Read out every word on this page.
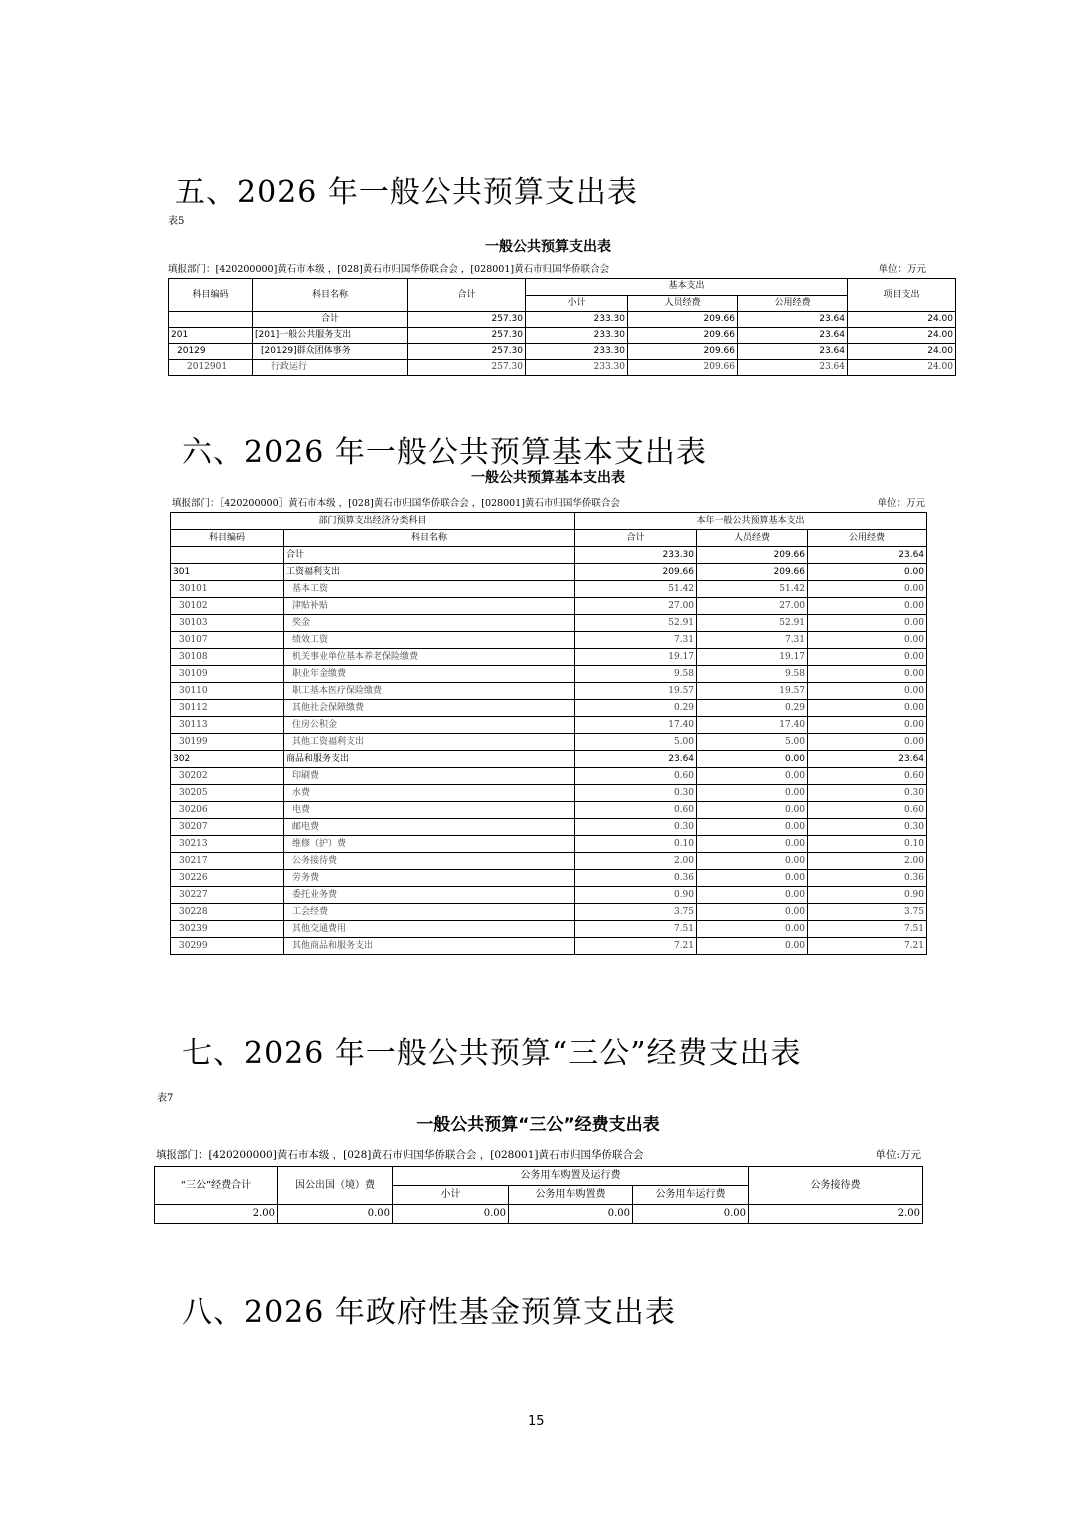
五、2026 年一般公共预算支出表
表5
一般公共预算支出表
填报部门：[420200000]黄石市本级 ，[028]黄石市归国华侨联合会 ，[028001]黄石市归国华侨联合会	单位：万元
科目编码	科目名称	合计	基本支出			项目支出
			小计	人员经费	公用经费	
	合计	257.30	233.30	209.66	23.64	24.00
201	[201]一般公共服务支出	257.30	233.30	209.66	23.64	24.00
20129	[20129]群众团体事务	257.30	233.30	209.66	23.64	24.00
2012901	行政运行	257.30	233.30	209.66	23.64	24.00
六、2026 年一般公共预算基本支出表
一般公共预算基本支出表
填报部门：［420200000］黄石市本级 ，[028]黄石市归国华侨联合会 ，[028001]黄石市归国华侨联合会	单位：万元
部门预算支出经济分类科目		本年一般公共预算基本支出		
科目编码	科目名称	合计	人员经费	公用经费
	合计	233.30	209.66	23.64
301	工资福利支出	209.66	209.66	0.00
30101	基本工资	51.42	51.42	0.00
30102	津贴补贴	27.00	27.00	0.00
30103	奖金	52.91	52.91	0.00
30107	绩效工资	7.31	7.31	0.00
30108	机关事业单位基本养老保险缴费	19.17	19.17	0.00
30109	职业年金缴费	9.58	9.58	0.00
30110	职工基本医疗保险缴费	19.57	19.57	0.00
30112	其他社会保障缴费	0.29	0.29	0.00
30113	住房公积金	17.40	17.40	0.00
30199	其他工资福利支出	5.00	5.00	0.00
302	商品和服务支出	23.64	0.00	23.64
30202	印刷费	0.60	0.00	0.60
30205	水费	0.30	0.00	0.30
30206	电费	0.60	0.00	0.60
30207	邮电费	0.30	0.00	0.30
30213	维修（护）费	0.10	0.00	0.10
30217	公务接待费	2.00	0.00	2.00
30226	劳务费	0.36	0.00	0.36
30227	委托业务费	0.90	0.00	0.90
30228	工会经费	3.75	0.00	3.75
30239	其他交通费用	7.51	0.00	7.51
30299	其他商品和服务支出	7.21	0.00	7.21
七、2026 年一般公共预算“三公”经费支出表
表7
一般公共预算“三公”经费支出表
填报部门：[420200000]黄石市本级 ，[028]黄石市归国华侨联合会 ，[028001]黄石市归国华侨联合会	单位:万元
“三公”经费合计	因公出国（境）费	公务用车购置及运行费			公务接待费
		小计	公务用车购置费	公务用车运行费	
2.00	0.00	0.00	0.00	0.00	2.00
八、2026 年政府性基金预算支出表
15
